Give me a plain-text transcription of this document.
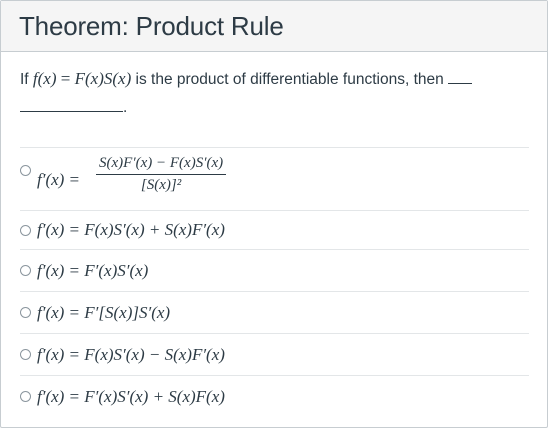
Theorem: Product Rule
If f(x) = F(x)S(x) is the product of differentiable functions, then
.
$f'(x) = \frac{S(x)F'(x) - F(x)S'(x)}{\text{[S(x)]²}}$
f′(x) = F(x)S′(x) + S(x)F′(x)
f′(x) = F′(x)S′(x)
f′(x) = F′[S(x)]S′(x)
f′(x) = F(x)S′(x) − S(x)F′(x)
f′(x) = F′(x)S′(x) + S(x)F(x)
